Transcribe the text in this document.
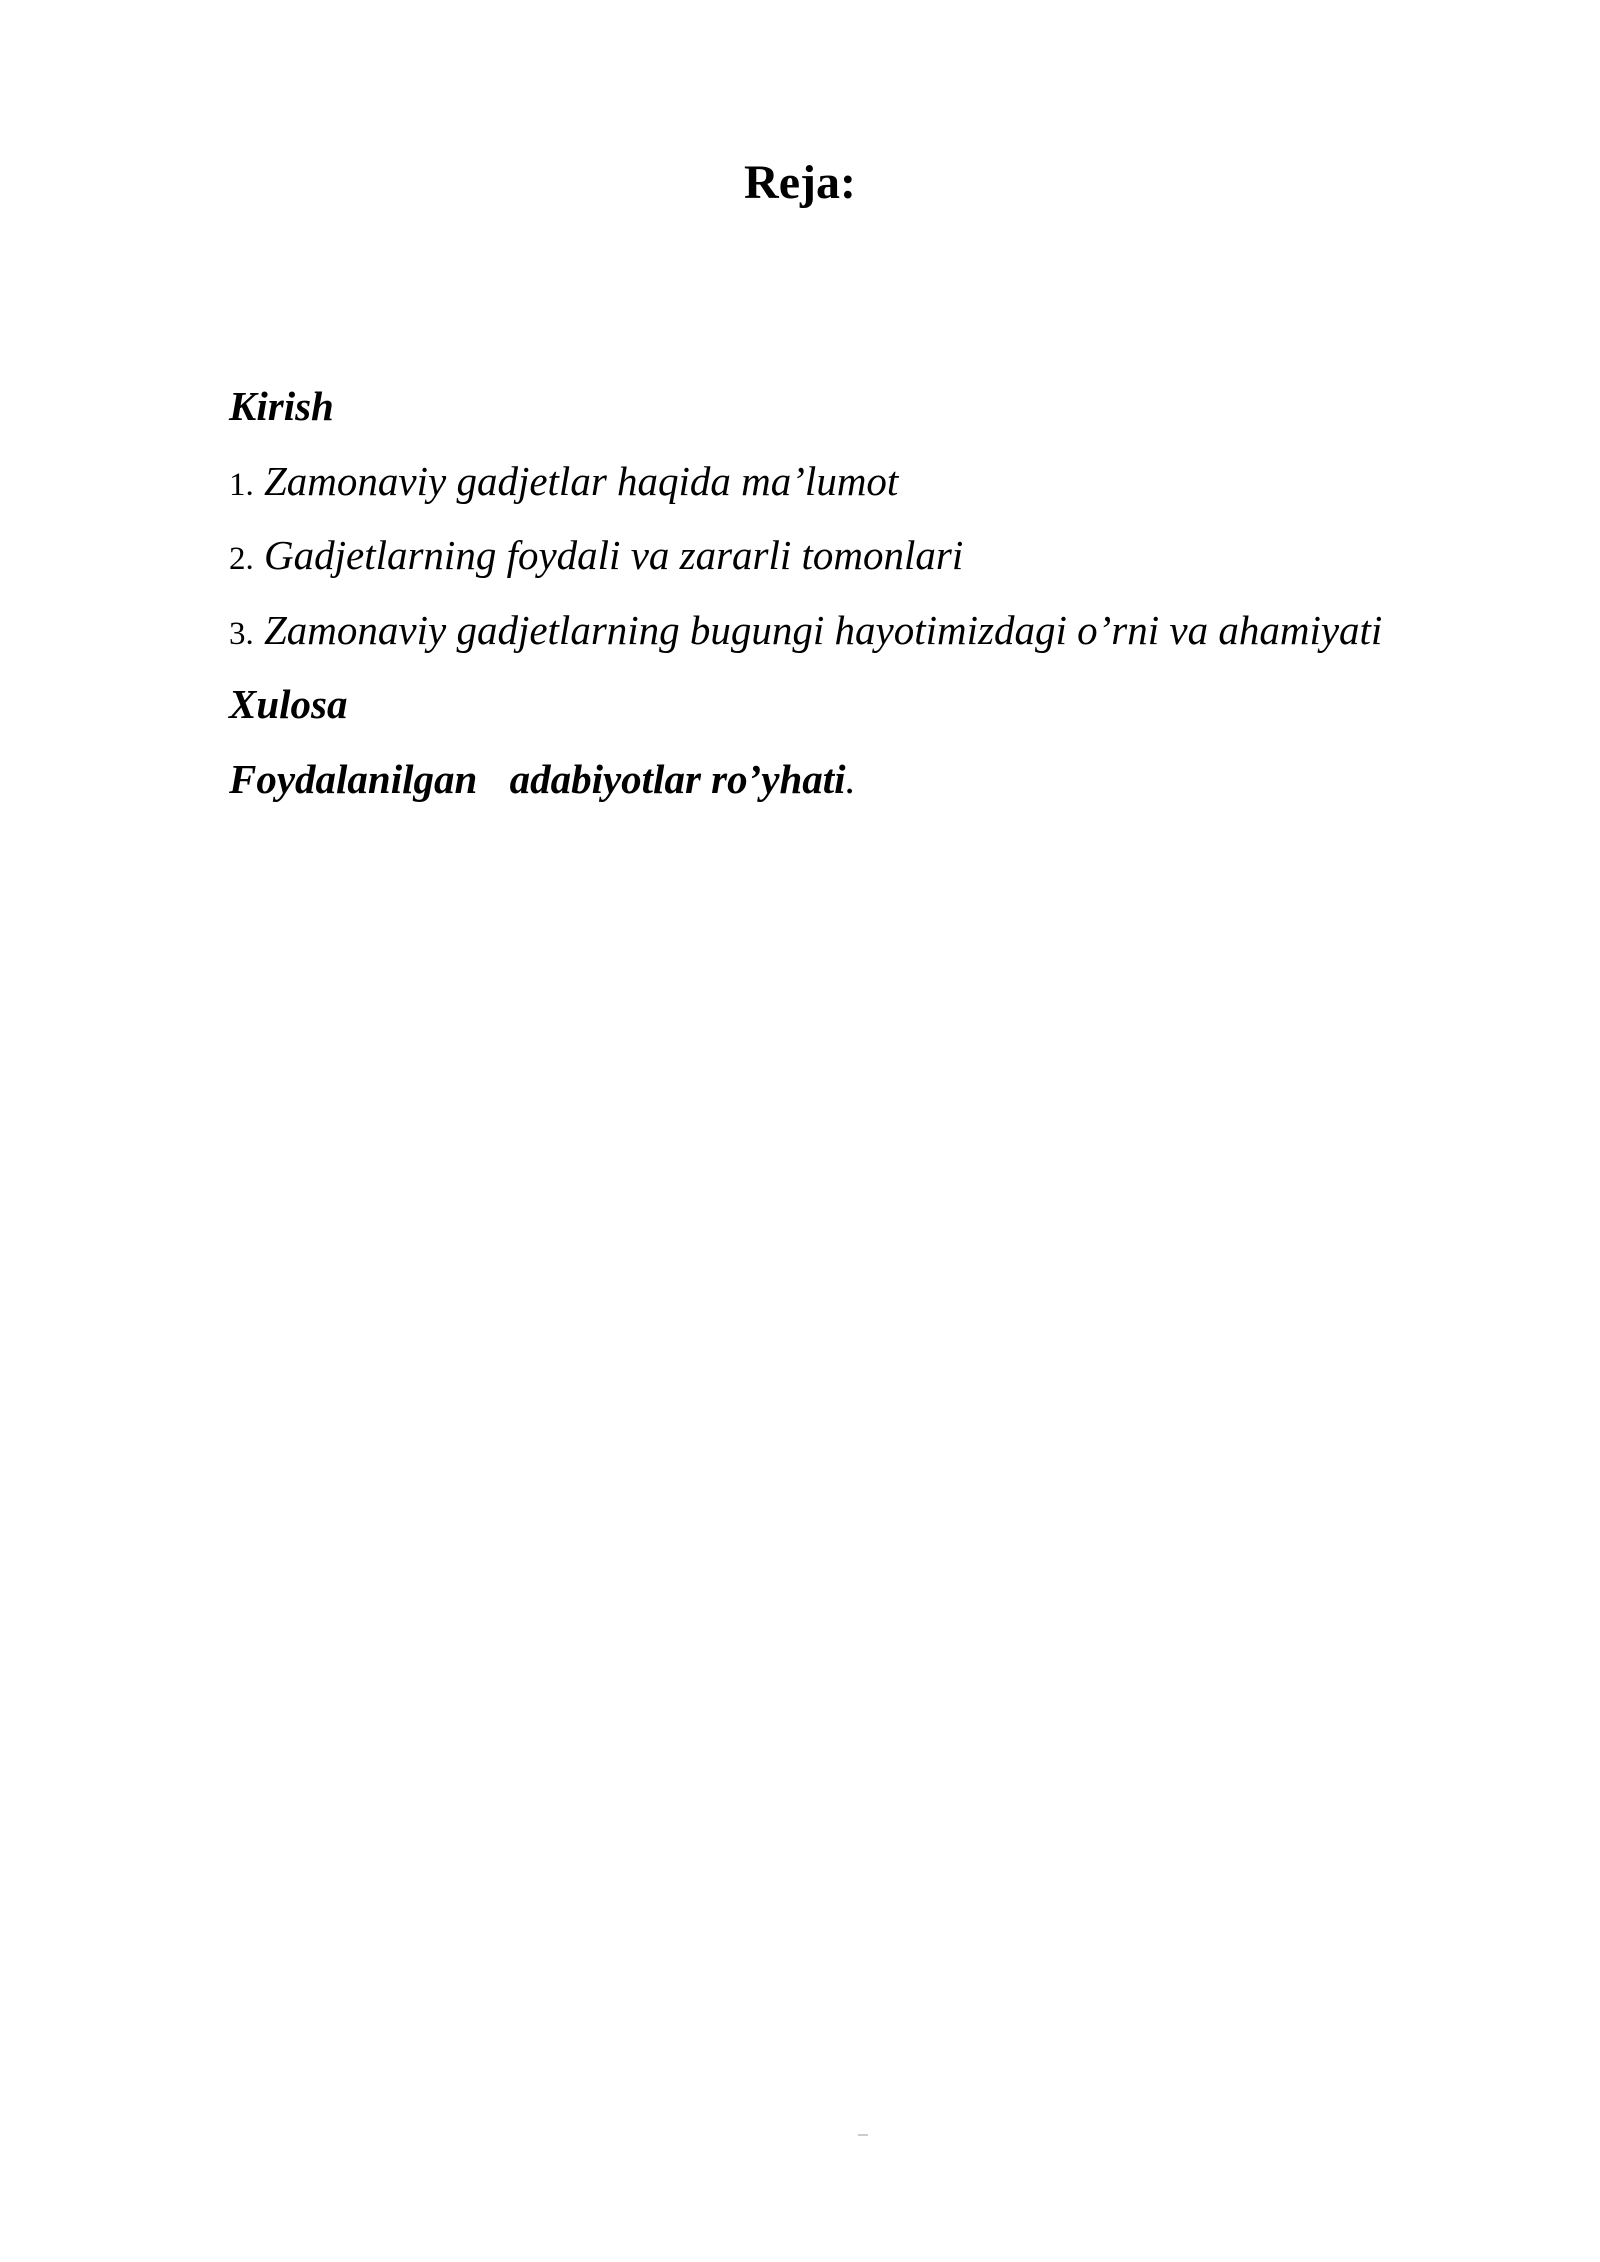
Reja:
Kirish
1. Zamonaviy gadjetlar haqida ma’lumot
2. Gadjetlarning foydali va zararli tomonlari
3. Zamonaviy gadjetlarning bugungi hayotimizdagi o’rni va ahamiyati
Xulosa
Foydalanilgan adabiyotlar ro’yhati.
